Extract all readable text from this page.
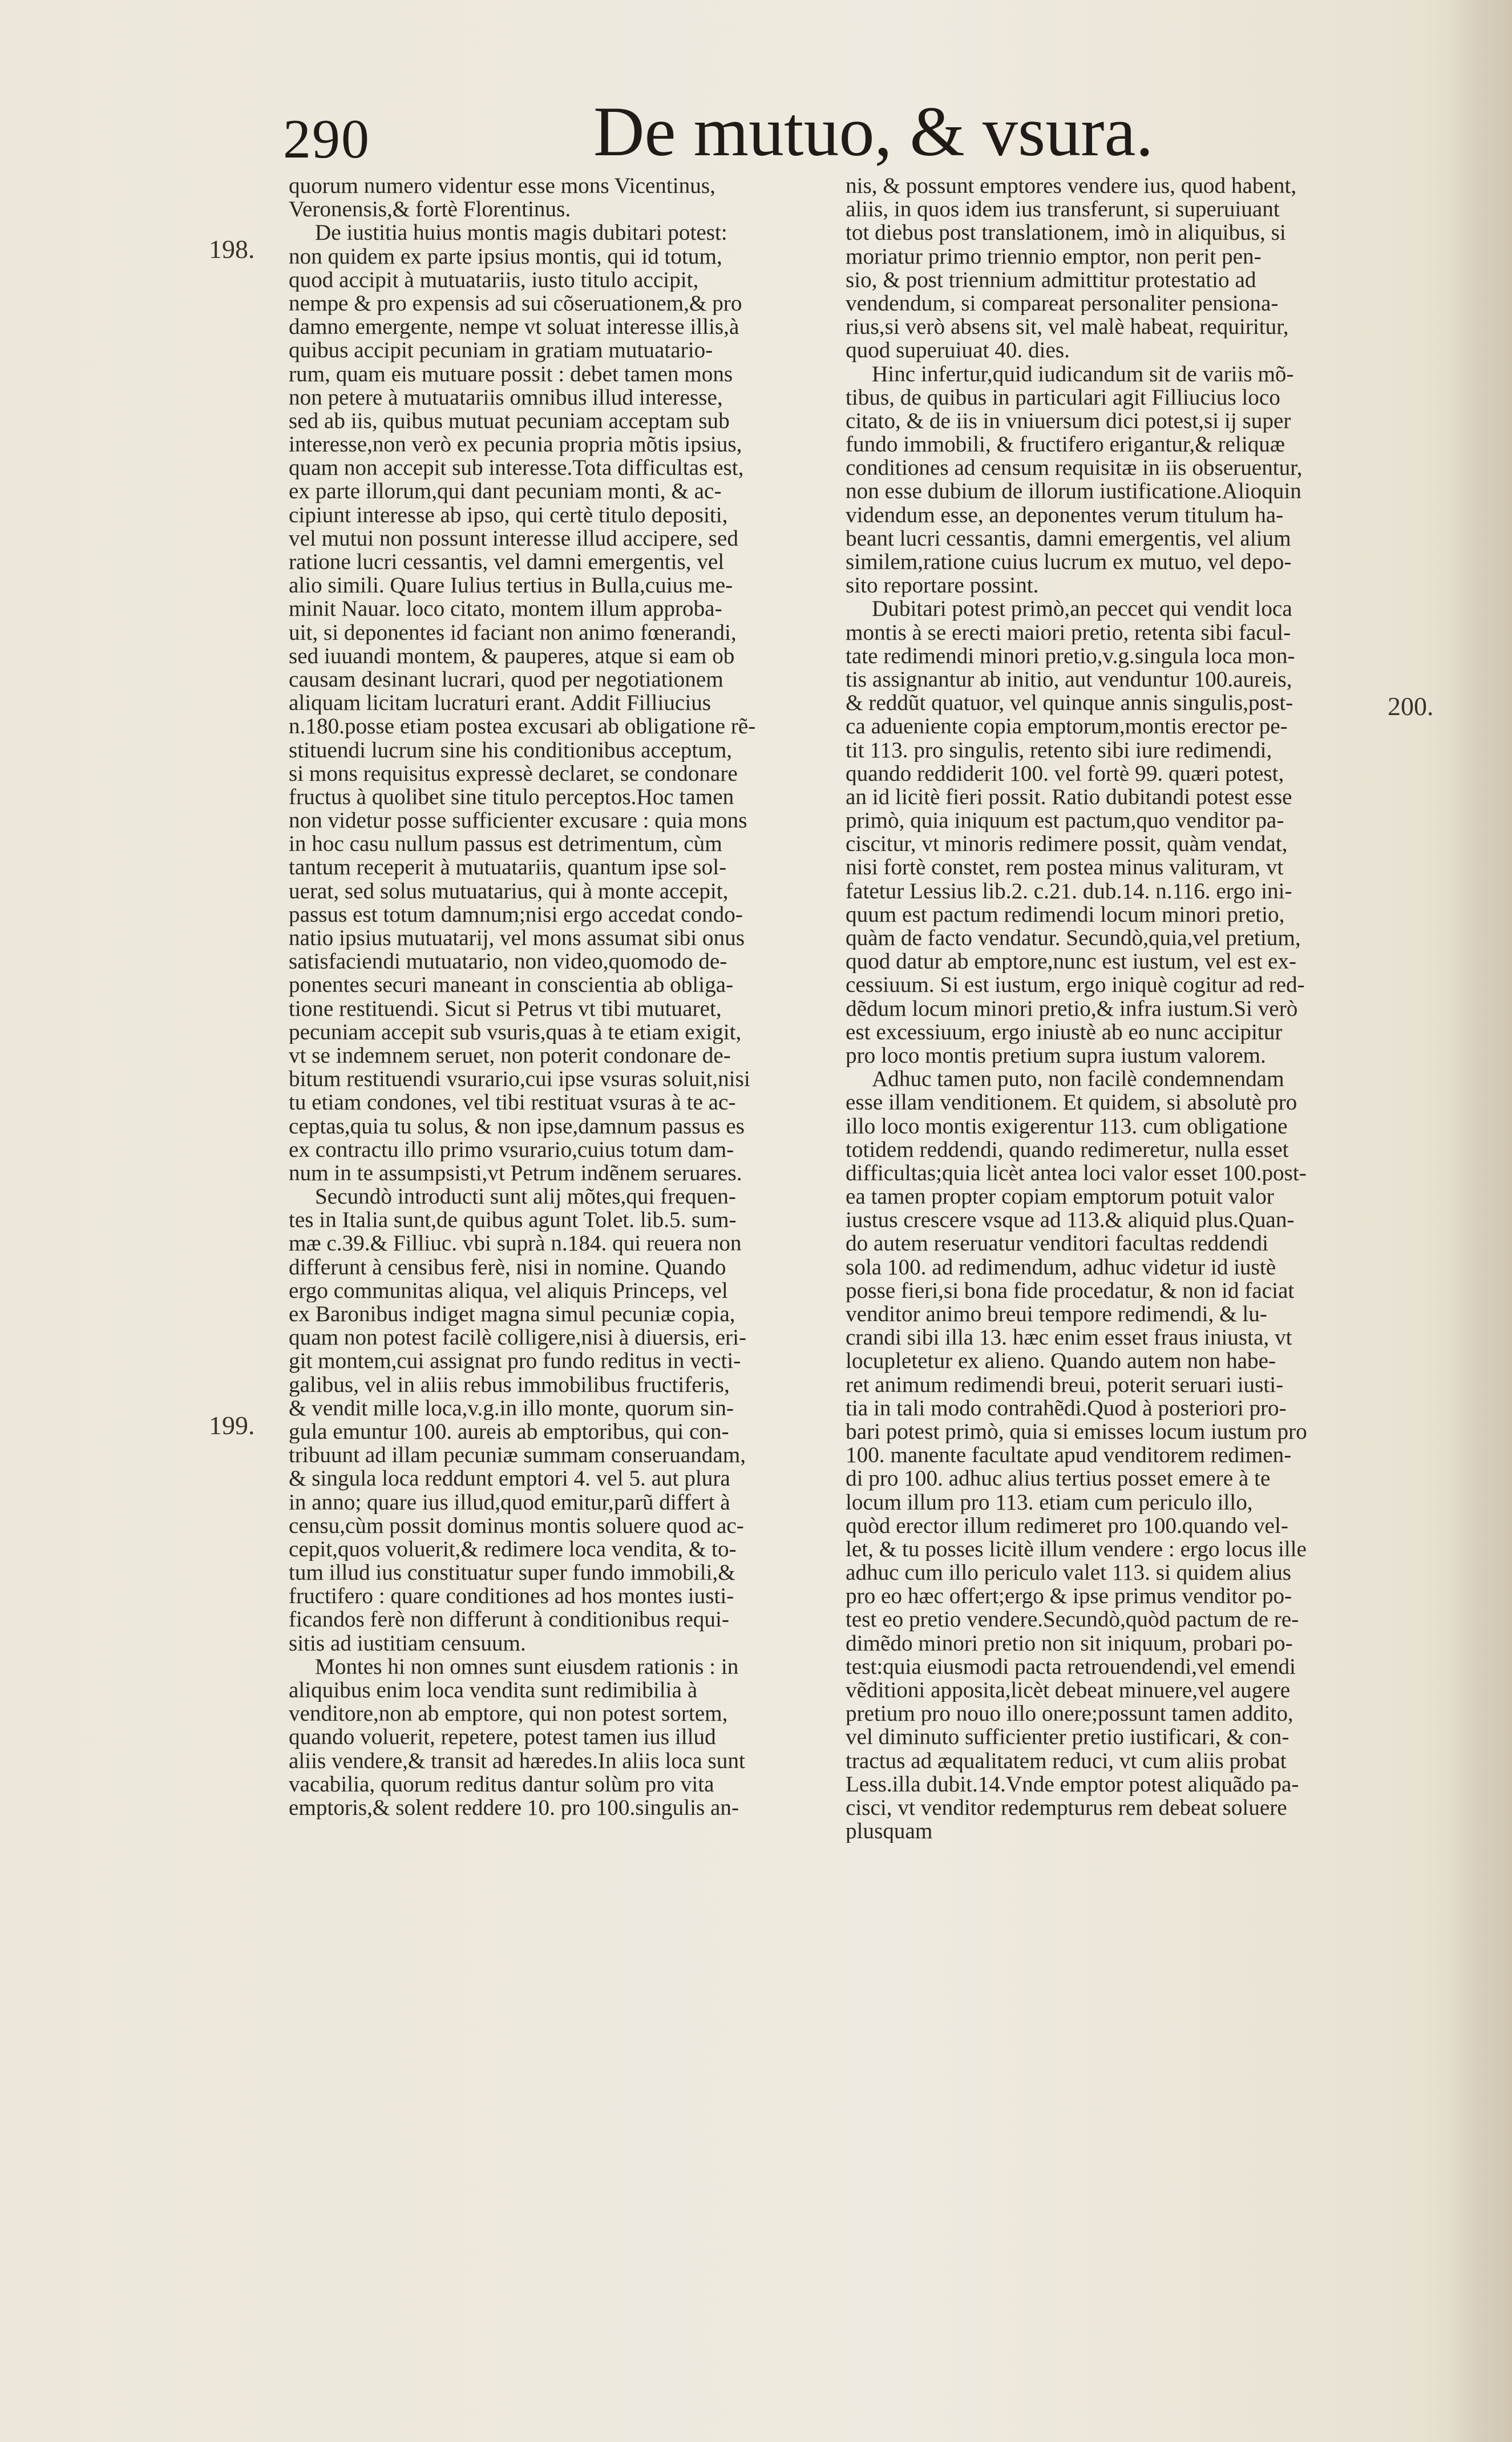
290	De mutuo, & vsura.
198.
199.
200.
quorum numero videntur esse mons Vicentinus,
Veronensis,& fortè Florentinus.
De iustitia huius montis magis dubitari potest:
non quidem ex parte ipsius montis, qui id totum,
quod accipit à mutuatariis, iusto titulo accipit,
nempe & pro expensis ad sui cõseruationem,& pro
damno emergente, nempe vt soluat interesse illis,à
quibus accipit pecuniam in gratiam mutuatario-
rum, quam eis mutuare possit : debet tamen mons
non petere à mutuatariis omnibus illud interesse,
sed ab iis, quibus mutuat pecuniam acceptam sub
interesse,non verò ex pecunia propria mõtis ipsius,
quam non accepit sub interesse.Tota difficultas est,
ex parte illorum,qui dant pecuniam monti, & ac-
cipiunt interesse ab ipso, qui certè titulo depositi,
vel mutui non possunt interesse illud accipere, sed
ratione lucri cessantis, vel damni emergentis, vel
alio simili. Quare Iulius tertius in Bulla,cuius me-
minit Nauar. loco citato, montem illum approba-
uit, si deponentes id faciant non animo fœnerandi,
sed iuuandi montem, & pauperes, atque si eam ob
causam desinant lucrari, quod per negotiationem
aliquam licitam lucraturi erant. Addit Filliucius
n.180.posse etiam postea excusari ab obligatione rẽ-
stituendi lucrum sine his conditionibus acceptum,
si mons requisitus expressè declaret, se condonare
fructus à quolibet sine titulo perceptos.Hoc tamen
non videtur posse sufficienter excusare : quia mons
in hoc casu nullum passus est detrimentum, cùm
tantum receperit à mutuatariis, quantum ipse sol-
uerat, sed solus mutuatarius, qui à monte accepit,
passus est totum damnum;nisi ergo accedat condo-
natio ipsius mutuatarij, vel mons assumat sibi onus
satisfaciendi mutuatario, non video,quomodo de-
ponentes securi maneant in conscientia ab obliga-
tione restituendi. Sicut si Petrus vt tibi mutuaret,
pecuniam accepit sub vsuris,quas à te etiam exigit,
vt se indemnem seruet, non poterit condonare de-
bitum restituendi vsurario,cui ipse vsuras soluit,nisi
tu etiam condones, vel tibi restituat vsuras à te ac-
ceptas,quia tu solus, & non ipse,damnum passus es
ex contractu illo primo vsurario,cuius totum dam-
num in te assumpsisti,vt Petrum indẽnem seruares.
Secundò introducti sunt alij mõtes,qui frequen-
tes in Italia sunt,de quibus agunt Tolet. lib.5. sum-
mæ c.39.& Filliuc. vbi suprà n.184. qui reuera non
differunt à censibus ferè, nisi in nomine. Quando
ergo communitas aliqua, vel aliquis Princeps, vel
ex Baronibus indiget magna simul pecuniæ copia,
quam non potest facilè colligere,nisi à diuersis, eri-
git montem,cui assignat pro fundo reditus in vecti-
galibus, vel in aliis rebus immobilibus fructiferis,
& vendit mille loca,v.g.in illo monte, quorum sin-
gula emuntur 100. aureis ab emptoribus, qui con-
tribuunt ad illam pecuniæ summam conseruandam,
& singula loca reddunt emptori 4. vel 5. aut plura
in anno; quare ius illud,quod emitur,parũ differt à
censu,cùm possit dominus montis soluere quod ac-
cepit,quos voluerit,& redimere loca vendita, & to-
tum illud ius constituatur super fundo immobili,&
fructifero : quare conditiones ad hos montes iusti-
ficandos ferè non differunt à conditionibus requi-
sitis ad iustitiam censuum.
Montes hi non omnes sunt eiusdem rationis : in
aliquibus enim loca vendita sunt redimibilia à
venditore,non ab emptore, qui non potest sortem,
quando voluerit, repetere, potest tamen ius illud
aliis vendere,& transit ad hæredes.In aliis loca sunt
vacabilia, quorum reditus dantur solùm pro vita
emptoris,& solent reddere 10. pro 100.singulis an-
nis, & possunt emptores vendere ius, quod habent,
aliis, in quos idem ius transferunt, si superuiuant
tot diebus post translationem, imò in aliquibus, si
moriatur primo triennio emptor, non perit pen-
sio, & post triennium admittitur protestatio ad
vendendum, si compareat personaliter pensiona-
rius,si verò absens sit, vel malè habeat, requiritur,
quod superuiuat 40. dies.
Hinc infertur,quid iudicandum sit de variis mõ-
tibus, de quibus in particulari agit Filliucius loco
citato, & de iis in vniuersum dici potest,si ij super
fundo immobili, & fructifero erigantur,& reliquæ
conditiones ad censum requisitæ in iis obseruentur,
non esse dubium de illorum iustificatione.Alioquin
videndum esse, an deponentes verum titulum ha-
beant lucri cessantis, damni emergentis, vel alium
similem,ratione cuius lucrum ex mutuo, vel depo-
sito reportare possint.
Dubitari potest primò,an peccet qui vendit loca
montis à se erecti maiori pretio, retenta sibi facul-
tate redimendi minori pretio,v.g.singula loca mon-
tis assignantur ab initio, aut venduntur 100.aureis,
& reddũt quatuor, vel quinque annis singulis,post-
ca adueniente copia emptorum,montis erector pe-
tit 113. pro singulis, retento sibi iure redimendi,
quando reddiderit 100. vel fortè 99. quæri potest,
an id licitè fieri possit. Ratio dubitandi potest esse
primò, quia iniquum est pactum,quo venditor pa-
ciscitur, vt minoris redimere possit, quàm vendat,
nisi fortè constet, rem postea minus valituram, vt
fatetur Lessius lib.2. c.21. dub.14. n.116. ergo ini-
quum est pactum redimendi locum minori pretio,
quàm de facto vendatur. Secundò,quia,vel pretium,
quod datur ab emptore,nunc est iustum, vel est ex-
cessiuum. Si est iustum, ergo iniquè cogitur ad red-
dẽdum locum minori pretio,& infra iustum.Si verò
est excessiuum, ergo iniustè ab eo nunc accipitur
pro loco montis pretium supra iustum valorem.
Adhuc tamen puto, non facilè condemnendam
esse illam venditionem. Et quidem, si absolutè pro
illo loco montis exigerentur 113. cum obligatione
totidem reddendi, quando redimeretur, nulla esset
difficultas;quia licèt antea loci valor esset 100.post-
ea tamen propter copiam emptorum potuit valor
iustus crescere vsque ad 113.& aliquid plus.Quan-
do autem reseruatur venditori facultas reddendi
sola 100. ad redimendum, adhuc videtur id iustè
posse fieri,si bona fide procedatur, & non id faciat
venditor animo breui tempore redimendi, & lu-
crandi sibi illa 13. hæc enim esset fraus iniusta, vt
locupletetur ex alieno. Quando autem non habe-
ret animum redimendi breui, poterit seruari iusti-
tia in tali modo contrahẽdi.Quod à posteriori pro-
bari potest primò, quia si emisses locum iustum pro
100. manente facultate apud venditorem redimen-
di pro 100. adhuc alius tertius posset emere à te
locum illum pro 113. etiam cum periculo illo,
quòd erector illum redimeret pro 100.quando vel-
let, & tu posses licitè illum vendere : ergo locus ille
adhuc cum illo periculo valet 113. si quidem alius
pro eo hæc offert;ergo & ipse primus venditor po-
test eo pretio vendere.Secundò,quòd pactum de re-
dimẽdo minori pretio non sit iniquum, probari po-
test:quia eiusmodi pacta retrouendendi,vel emendi
vẽditioni apposita,licèt debeat minuere,vel augere
pretium pro nouo illo onere;possunt tamen addito,
vel diminuto sufficienter pretio iustificari, & con-
tractus ad æqualitatem reduci, vt cum aliis probat
Less.illa dubit.14.Vnde emptor potest aliquãdo pa-
cisci, vt venditor redempturus rem debeat soluere
plusquam
